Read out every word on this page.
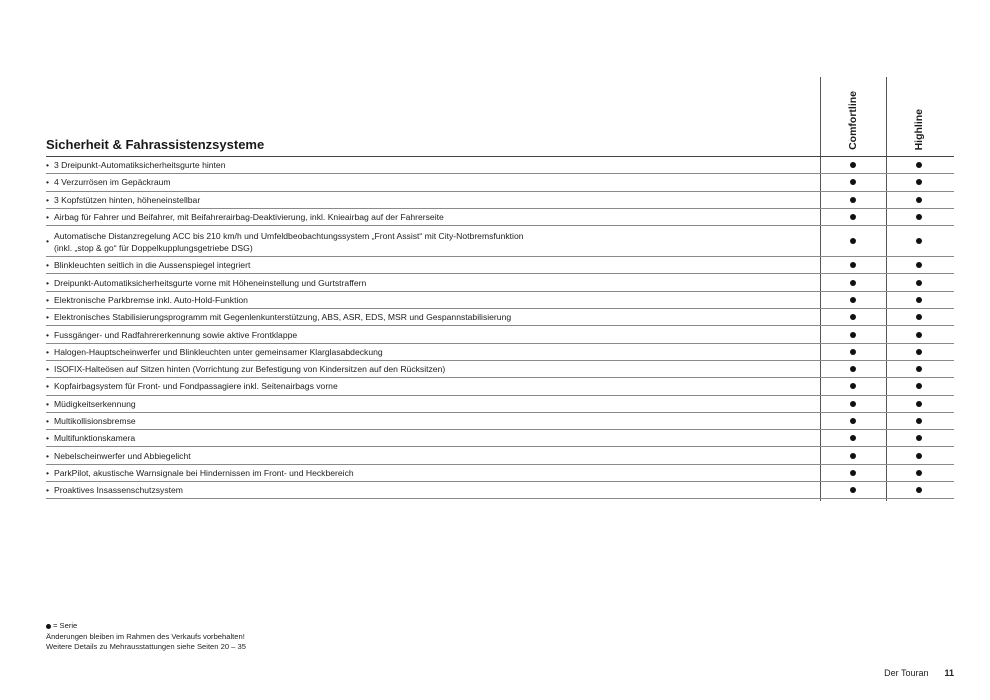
Comfortline	Highline
Sicherheit & Fahrassistenzsysteme
• 3 Dreipunkt-Automatiksicherheitsgurte hinten
• 4 Verzurrösen im Gepäckraum
• 3 Kopfstützen hinten, höheneinstellbar
• Airbag für Fahrer und Beifahrer, mit Beifahrerairbag-Deaktivierung, inkl. Knieairbag auf der Fahrerseite
• Automatische Distanzregelung ACC bis 210 km/h und Umfeldbeobachtungssystem „Front Assist“ mit City-Notbremsfunktion
(inkl. „stop & go“ für Doppelkupplungsgetriebe DSG)
• Blinkleuchten seitlich in die Aussenspiegel integriert
• Dreipunkt-Automatiksicherheitsgurte vorne mit Höheneinstellung und Gurtstraffern
• Elektronische Parkbremse inkl. Auto-Hold-Funktion
• Elektronisches Stabilisierungsprogramm mit Gegenlenkunterstützung, ABS, ASR, EDS, MSR und Gespannstabilisierung
• Fussgänger- und Radfahrererkennung sowie aktive Frontklappe
• Halogen-Hauptscheinwerfer und Blinkleuchten unter gemeinsamer Klarglasabdeckung
• ISOFIX-Halteösen auf Sitzen hinten (Vorrichtung zur Befestigung von Kindersitzen auf den Rücksitzen)
• Kopfairbagsystem für Front- und Fondpassagiere inkl. Seitenairbags vorne
• Müdigkeitserkennung
• Multikollisionsbremse
• Multifunktionskamera
• Nebelscheinwerfer und Abbiegelicht
• ParkPilot, akustische Warnsignale bei Hindernissen im Front- und Heckbereich
• Proaktives Insassenschutzsystem
= Serie
Änderungen bleiben im Rahmen des Verkaufs vorbehalten!
Weitere Details zu Mehrausstattungen siehe Seiten 20 – 35
Der Touran 11
